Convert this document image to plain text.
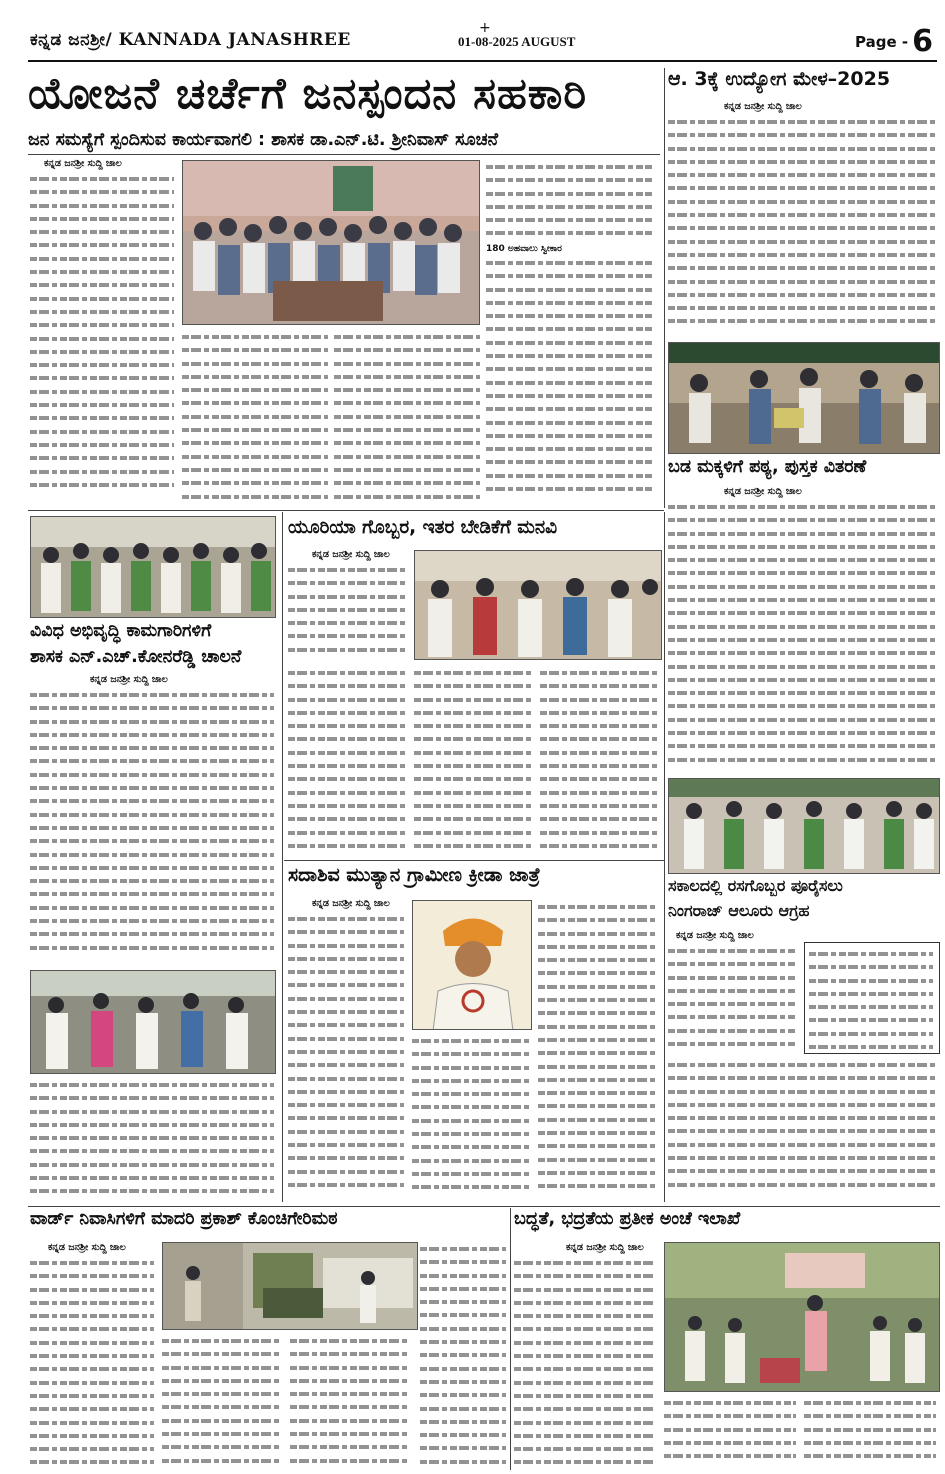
+
ಕನ್ನಡ ಜನಶ್ರೀ/ KANNADA JANASHREE	01-08-2025 AUGUST	Page - 6
ಯೋಜನೆ ಚರ್ಚೆಗೆ ಜನಸ್ಪಂದನ ಸಹಕಾರಿ
ಜನ ಸಮಸ್ಯೆಗೆ ಸ್ಪಂದಿಸುವ ಕಾರ್ಯವಾಗಲಿ : ಶಾಸಕ ಡಾ.ಎನ್.ಟಿ. ಶ್ರೀನಿವಾಸ್ ಸೂಚನೆ
ಕನ್ನಡ ಜನಶ್ರೀ ಸುದ್ದಿ ಜಾಲ
180 ಅಹವಾಲು ಸ್ವೀಕಾರ
ಆ. 3ಕ್ಕೆ ಉದ್ಯೋಗ ಮೇಳ–2025
ಕನ್ನಡ ಜನಶ್ರೀ ಸುದ್ದಿ ಜಾಲ
ಬಡ ಮಕ್ಕಳಿಗೆ ಪಠ್ಯ, ಪುಸ್ತಕ ವಿತರಣೆ
ಕನ್ನಡ ಜನಶ್ರೀ ಸುದ್ದಿ ಜಾಲ
ವಿವಿಧ ಅಭಿವೃದ್ಧಿ ಕಾಮಗಾರಿಗಳಿಗೆ
ಶಾಸಕ ಎನ್.ಎಚ್.ಕೋನರೆಡ್ಡಿ ಚಾಲನೆ
ಕನ್ನಡ ಜನಶ್ರೀ ಸುದ್ದಿ ಜಾಲ
ಯೂರಿಯಾ ಗೊಬ್ಬರ, ಇತರ ಬೇಡಿಕೆಗೆ ಮನವಿ
ಕನ್ನಡ ಜನಶ್ರೀ ಸುದ್ದಿ ಜಾಲ
ಸದಾಶಿವ ಮುತ್ಯಾನ ಗ್ರಾಮೀಣ ಕ್ರೀಡಾ ಜಾತ್ರೆ
ಕನ್ನಡ ಜನಶ್ರೀ ಸುದ್ದಿ ಜಾಲ
ಸಕಾಲದಲ್ಲಿ ರಸಗೊಬ್ಬರ ಪೂರೈಸಲು
ನಿಂಗರಾಜ್ ಆಲೂರು ಆಗ್ರಹ
ಕನ್ನಡ ಜನಶ್ರೀ ಸುದ್ದಿ ಜಾಲ
ವಾರ್ಡ್ ನಿವಾಸಿಗಳಿಗೆ ಮಾದರಿ ಪ್ರಕಾಶ್ ಕೊಂಚಿಗೇರಿಮಠ
ಕನ್ನಡ ಜನಶ್ರೀ ಸುದ್ದಿ ಜಾಲ
ಬದ್ಧತೆ, ಭದ್ರತೆಯ ಪ್ರತೀಕ ಅಂಚೆ ಇಲಾಖೆ
ಕನ್ನಡ ಜನಶ್ರೀ ಸುದ್ದಿ ಜಾಲ
